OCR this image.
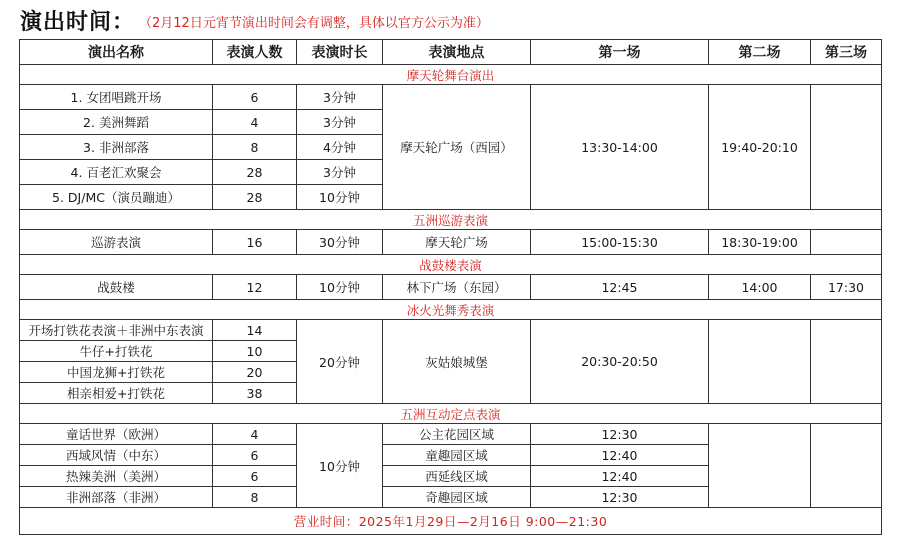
演出时间： （2月12日元宵节演出时间会有调整，具体以官方公示为准）
演出名称	表演人数	表演时长	表演地点	第一场	第二场	第三场
摩天轮舞台演出						
1. 女团唱跳开场	6	3分钟	摩天轮广场（西园）	13:30-14:00	19:40-20:10	
2. 美洲舞蹈	4	3分钟				
3. 非洲部落	8	4分钟				
4. 百老汇欢聚会	28	3分钟				
5. DJ/MC（演员蹦迪）	28	10分钟				
五洲巡游表演						
巡游表演	16	30分钟	摩天轮广场	15:00-15:30	18:30-19:00	
战鼓楼表演						
战鼓楼	12	10分钟	林下广场（东园）	12:45	14:00	17:30
冰火光舞秀表演						
开场打铁花表演＋非洲中东表演	14	20分钟	灰姑娘城堡	20:30-20:50		
牛仔+打铁花	10					
中国龙狮+打铁花	20					
相亲相爱+打铁花	38					
五洲互动定点表演						
童话世界（欧洲）	4	10分钟	公主花园区域	12:30		
西域风情（中东）	6		童趣园区域	12:40		
热辣美洲（美洲）	6		西延线区域	12:40		
非洲部落（非洲）	8		奇趣园区域	12:30		
营业时间：2025年1月29日—2月16日 9:00—21:30						
